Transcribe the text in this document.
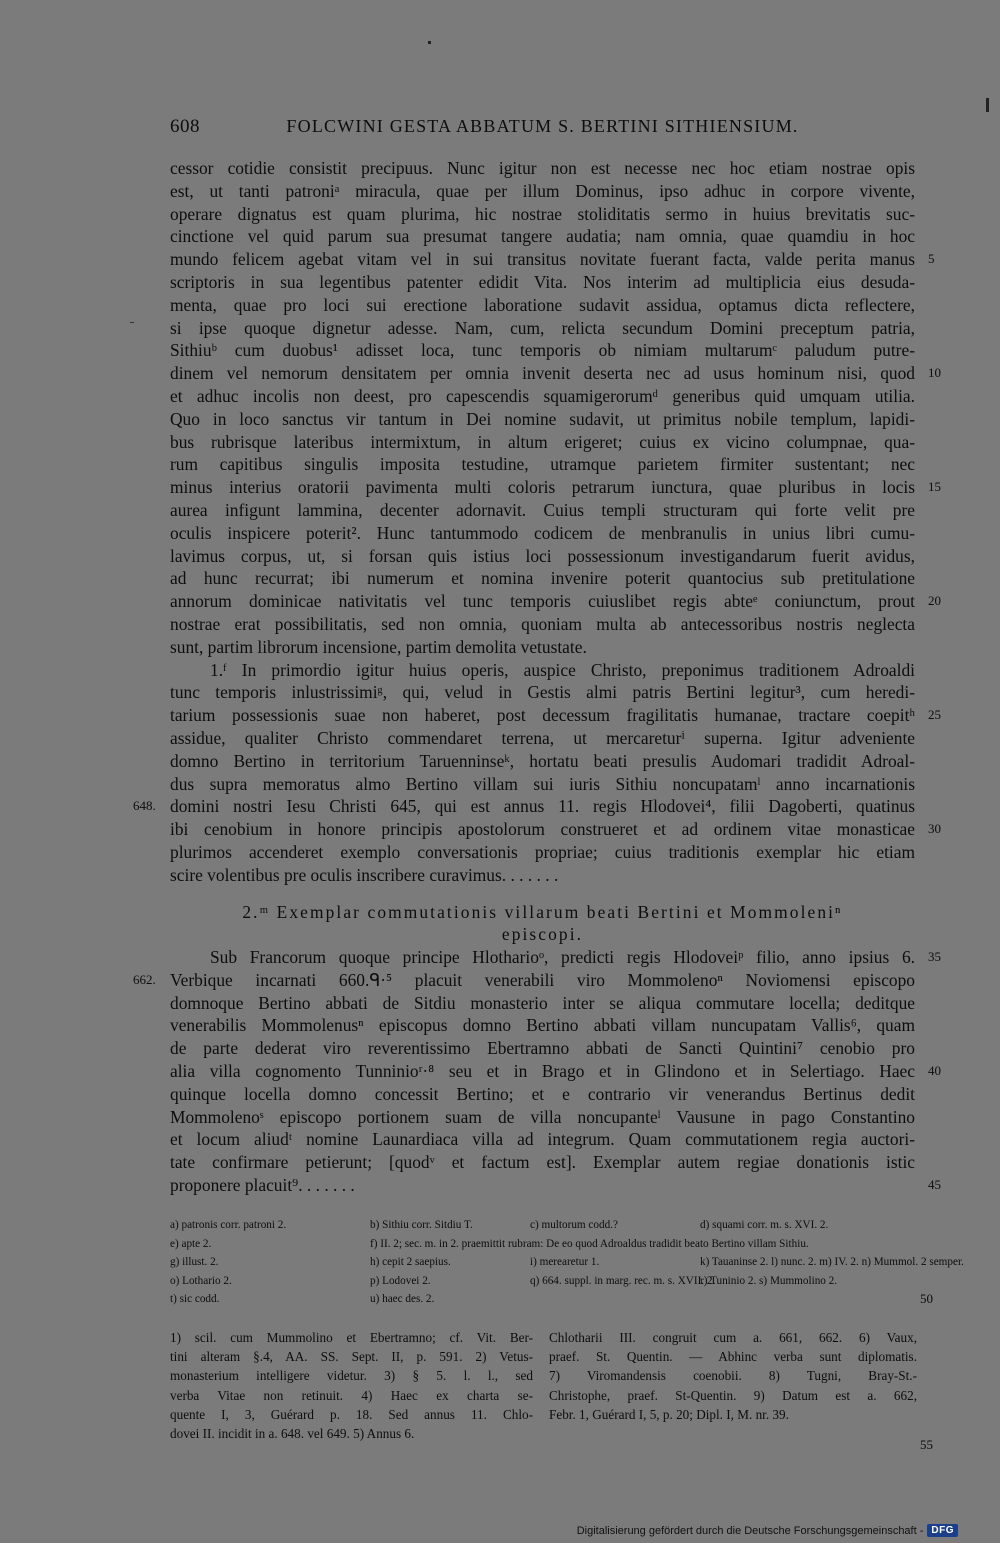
608	FOLCWINI GESTA ABBATUM S. BERTINI SITHIENSIUM.
cessor cotidie consistit precipuus. Nunc igitur non est necesse nec hoc etiam nostrae opis
est, ut tanti patroniᵃ miracula, quae per illum Dominus, ipso adhuc in corpore vivente,
operare dignatus est quam plurima, hic nostrae stoliditatis sermo in huius brevitatis suc-
cinctione vel quid parum sua presumat tangere audatia; nam omnia, quae quamdiu in hoc
mundo felicem agebat vitam vel in sui transitus novitate fuerant facta, valde perita manus 5
scriptoris in sua legentibus patenter edidit Vita. Nos interim ad multiplicia eius desuda-
menta, quae pro loci sui erectione laboratione sudavit assidua, optamus dicta reflectere,
si ipse quoque dignetur adesse. Nam, cum, relicta secundum Domini preceptum patria,
Sithiuᵇ cum duobus¹ adisset loca, tunc temporis ob nimiam multarumᶜ paludum putre-
dinem vel nemorum densitatem per omnia invenit deserta nec ad usus hominum nisi, quod 10
et adhuc incolis non deest, pro capescendis squamigerorumᵈ generibus quid umquam utilia.
Quo in loco sanctus vir tantum in Dei nomine sudavit, ut primitus nobile templum, lapidi-
bus rubrisque lateribus intermixtum, in altum erigeret; cuius ex vicino columpnae, qua-
rum capitibus singulis imposita testudine, utramque parietem firmiter sustentant; nec
minus interius oratorii pavimenta multi coloris petrarum iunctura, quae pluribus in locis 15
aurea infigunt lammina, decenter adornavit. Cuius templi structuram qui forte velit pre
oculis inspicere poterit². Hunc tantummodo codicem de menbranulis in unius libri cumu-
lavimus corpus, ut, si forsan quis istius loci possessionum investigandarum fuerit avidus,
ad hunc recurrat; ibi numerum et nomina invenire poterit quantocius sub pretitulatione
annorum dominicae nativitatis vel tunc temporis cuiuslibet regis abteᵉ coniunctum, prout 20
nostrae erat possibilitatis, sed non omnia, quoniam multa ab antecessoribus nostris neglecta
sunt, partim librorum incensione, partim demolita vetustate.
1.ᶠ In primordio igitur huius operis, auspice Christo, preponimus traditionem Adroaldi
tunc temporis inlustrissimiᵍ, qui, velud in Gestis almi patris Bertini legitur³, cum heredi-
tarium possessionis suae non haberet, post decessum fragilitatis humanae, tractare coepitʰ 25
assidue, qualiter Christo commendaret terrena, ut mercareturⁱ superna. Igitur adveniente
domno Bertino in territorium Taruenninseᵏ, hortatu beati presulis Audomari tradidit Adroal-
dus supra memoratus almo Bertino villam sui iuris Sithiu noncupatamˡ anno incarnationis
domini nostri Iesu Christi 645, qui est annus 11. regis Hlodovei⁴, filii Dagoberti, quatinus
648.
ibi cenobium in honore principis apostolorum construeret et ad ordinem vitae monasticae 30
plurimos accenderet exemplo conversationis propriae; cuius traditionis exemplar hic etiam
scire volentibus pre oculis inscribere curavimus. . . . . . .
2.ᵐ Exemplar commutationis villarum beati Bertini et Mommoleniⁿ
episcopi.
Sub Francorum quoque principe Hlotharioᵒ, predicti regis Hlodoveiᵖ filio, anno ipsius 6. 35
Verbique incarnati 660.ᑫ·⁵ placuit venerabili viro Mommolenoⁿ Noviomensi episcopo
662.
domnoque Bertino abbati de Sitdiu monasterio inter se aliqua commutare locella; deditque
venerabilis Mommolenusⁿ episcopus domno Bertino abbati villam nuncupatam Vallis⁶, quam
de parte dederat viro reverentissimo Ebertramno abbati de Sancti Quintini⁷ cenobio pro
alia villa cognomento Tunninioʳ·⁸ seu et in Brago et in Glindono et in Selertiago. Haec 40
quinque locella domno concessit Bertino; et e contrario vir venerandus Bertinus dedit
Mommolenoˢ episcopo portionem suam de villa noncupanteˡ Vausune in pago Constantino
et locum aliudᵗ nomine Launardiaca villa ad integrum. Quam commutationem regia auctori-
tate confirmare petierunt; [quodᵛ et factum est]. Exemplar autem regiae donationis istic
proponere placuit⁹. . . . . . .	45
a) patronis corr. patroni 2.	b) Sithiu corr. Sitdiu T.	c) multorum codd.?	d) squami corr. m. s. XVI. 2.
e) apte 2.	f) II. 2; sec. m. in 2. praemittit rubram: De eo quod Adroaldus tradidit beato Bertino villam Sithiu.
g) illust. 2.	h) cepit 2 saepius.	i) merearetur 1.	k) Tauaninse 2. l) nunc. 2. m) IV. 2. n) Mummol. 2 semper.
o) Lothario 2.	p) Lodovei 2.	q) 664. suppl. in marg. rec. m. s. XVII. 2.
r) Tuninio 2. s) Mummolino 2.
t) sic codd.	u) haec des. 2.	50
1) scil. cum Mummolino et Ebertramno; cf. Vit. Ber-
tini alteram §.4, AA. SS. Sept. II, p. 591. 2) Vetus-
monasterium intelligere videtur. 3) § 5. l. l., sed
verba Vitae non retinuit. 4) Haec ex charta se-
quente I, 3, Guérard p. 18. Sed annus 11. Chlo-
dovei II. incidit in a. 648. vel 649. 5) Annus 6.
Chlotharii III. congruit cum a. 661, 662. 6) Vaux,
praef. St. Quentin. — Abhinc verba sunt diplomatis.
7) Viromandensis coenobii. 8) Tugni, Bray-St.-
Christophe, praef. St-Quentin. 9) Datum est a. 662,
Febr. 1, Guérard I, 5, p. 20; Dipl. I, M. nr. 39.
55
Digitalisierung gefördert durch die Deutsche Forschungsgemeinschaft - DFG
